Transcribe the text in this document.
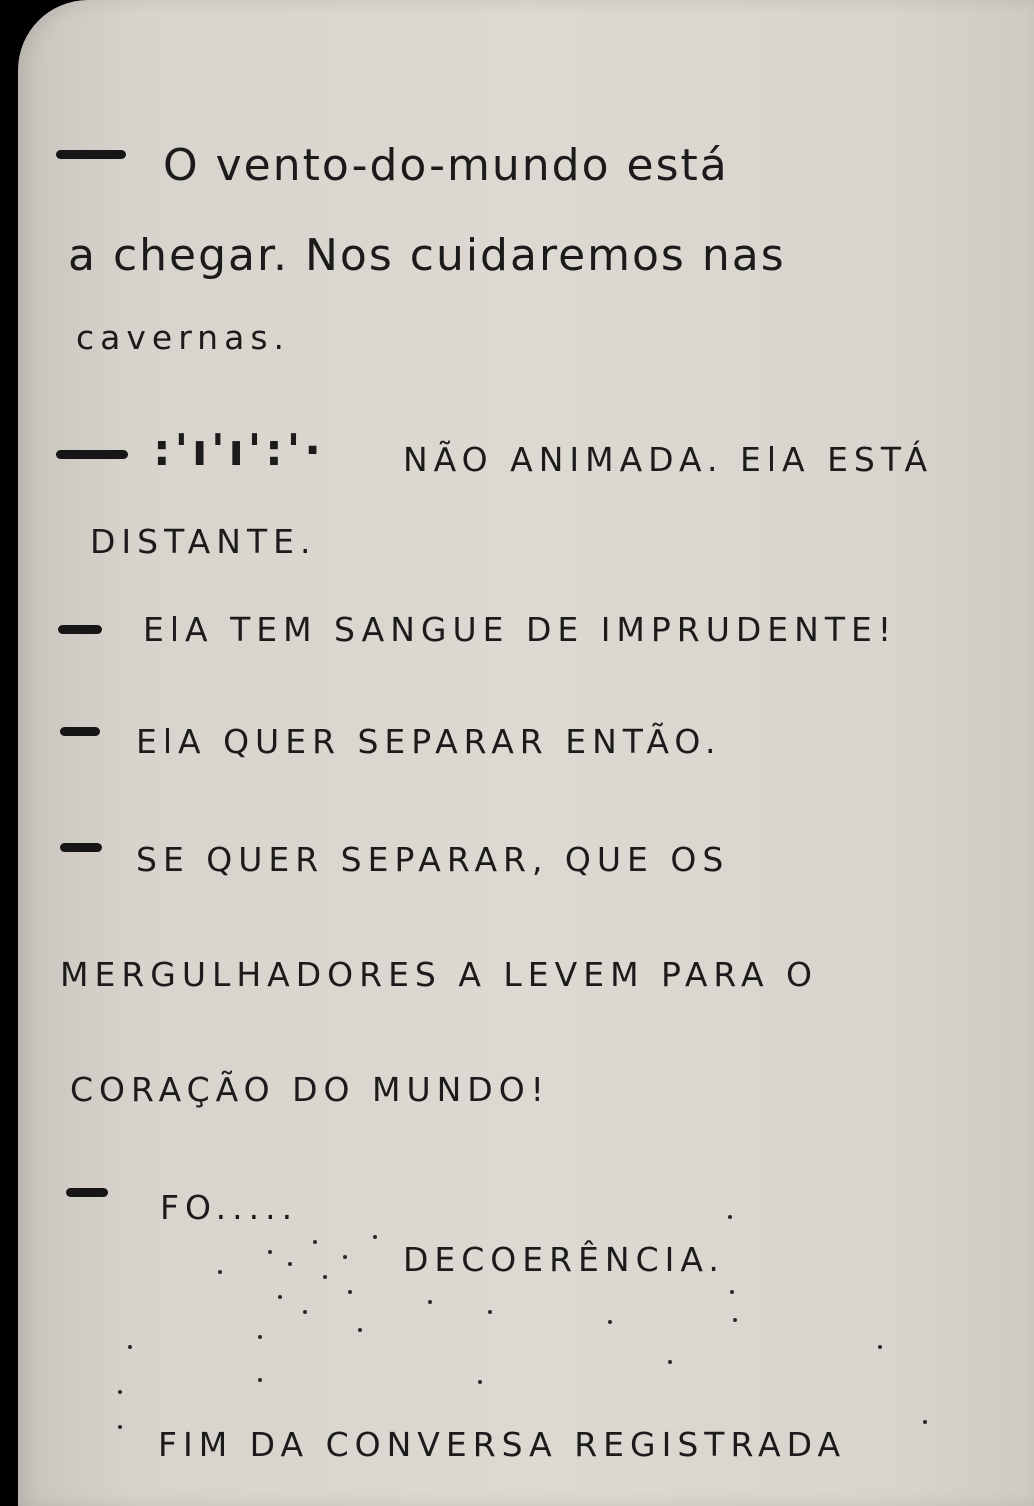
O vento-do-mundo está
a chegar. Nos cuidaremos nas
cavernas.
:'ı'ı':'· NÃO ANIMADA. ElA ESTÁ
DISTANTE.
ElA TEM SANGUE DE IMPRUDENTE!
ElA QUER SEPARAR ENTÃO.
SE QUER SEPARAR, QUE OS
MERGULHADORES A LEVEM PARA O
CORAÇÃO DO MUNDO!
FO.....
DECOERÊNCIA.
FIM DA CONVERSA REGISTRADA
